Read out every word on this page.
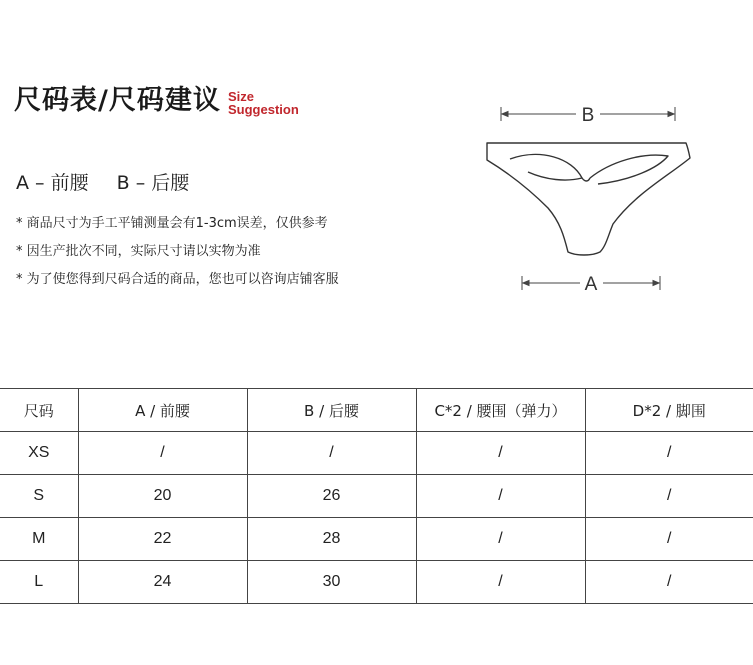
尺码表/尺码建议 Size
Suggestion
A – 前腰 B – 后腰
* 商品尺寸为手工平铺测量会有1-3cm误差，仅供参考
* 因生产批次不同，实际尺寸请以实物为准
* 为了使您得到尺码合适的商品，您也可以咨询店铺客服
B
A
尺码	A / 前腰	B / 后腰	C*2 / 腰围（弹力）	D*2 / 脚围
XS	/	/	/	/
S	20	26	/	/
M	22	28	/	/
L	24	30	/	/
